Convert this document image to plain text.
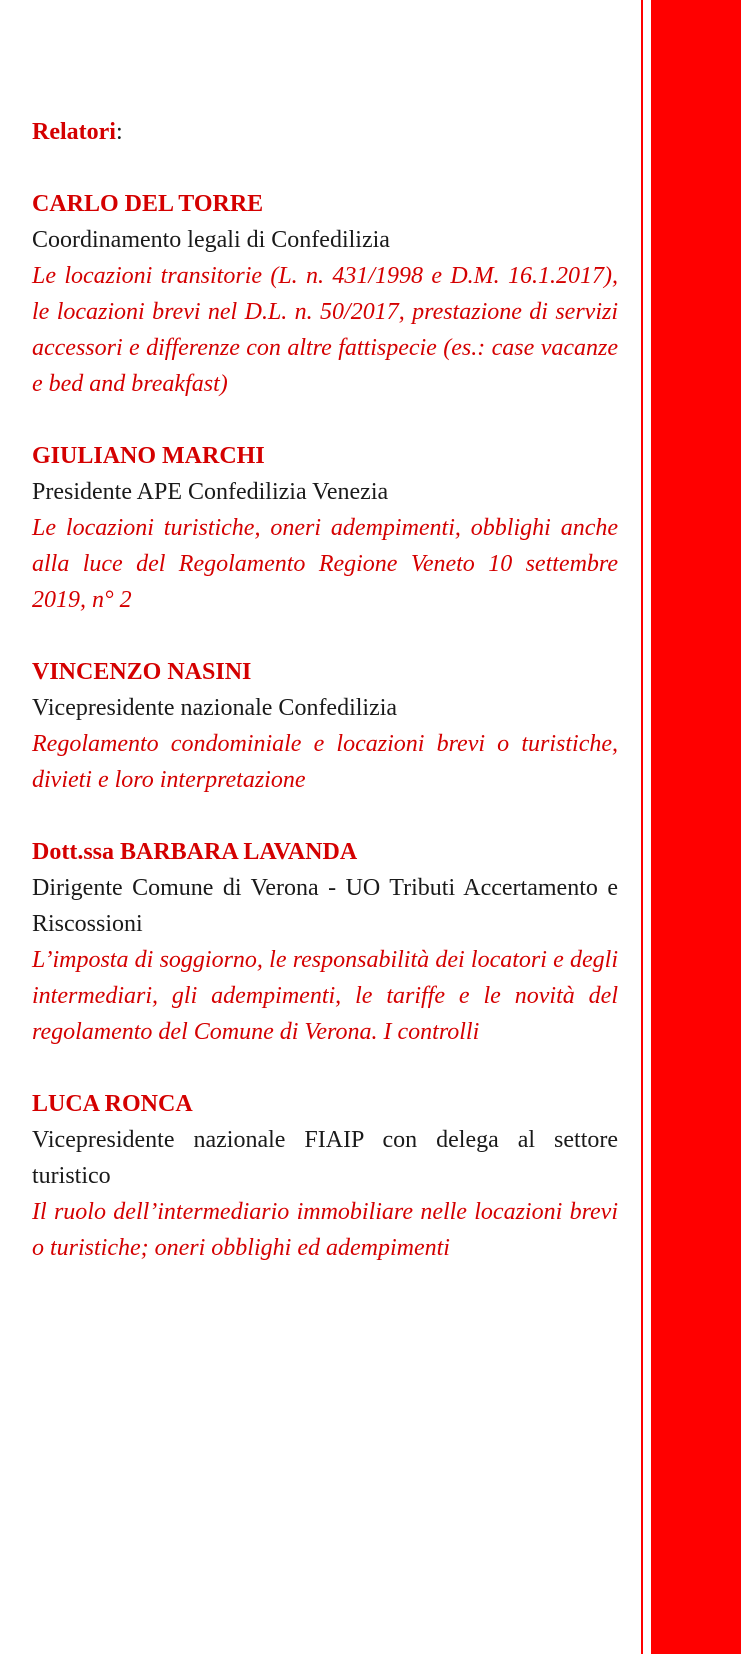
Relatori:
CARLO DEL TORRE
Coordinamento legali di Confedilizia
Le locazioni transitorie (L. n. 431/1998 e D.M. 16.1.2017), le locazioni brevi nel D.L. n. 50/2017, prestazione di servizi accessori e differenze con altre fattispecie (es.: case vacanze e bed and breakfast)
GIULIANO MARCHI
Presidente APE Confedilizia Venezia
Le locazioni turistiche, oneri adempimenti, obblighi anche alla luce del Regolamento Regione Veneto 10 settembre 2019, n° 2
VINCENZO NASINI
Vicepresidente nazionale Confedilizia
Regolamento condominiale e locazioni brevi o turistiche, divieti e loro interpretazione
Dott.ssa BARBARA LAVANDA
Dirigente Comune di Verona - UO Tributi Accertamento e Riscossioni
L’imposta di soggiorno, le responsabilità dei locatori e degli intermediari, gli adempimenti, le tariffe e le novità del regolamento del Comune di Verona. I controlli
LUCA RONCA
Vicepresidente nazionale FIAIP con delega al settore turistico
Il ruolo dell’intermediario immobiliare nelle locazioni brevi o turistiche; oneri obblighi ed adempimenti
